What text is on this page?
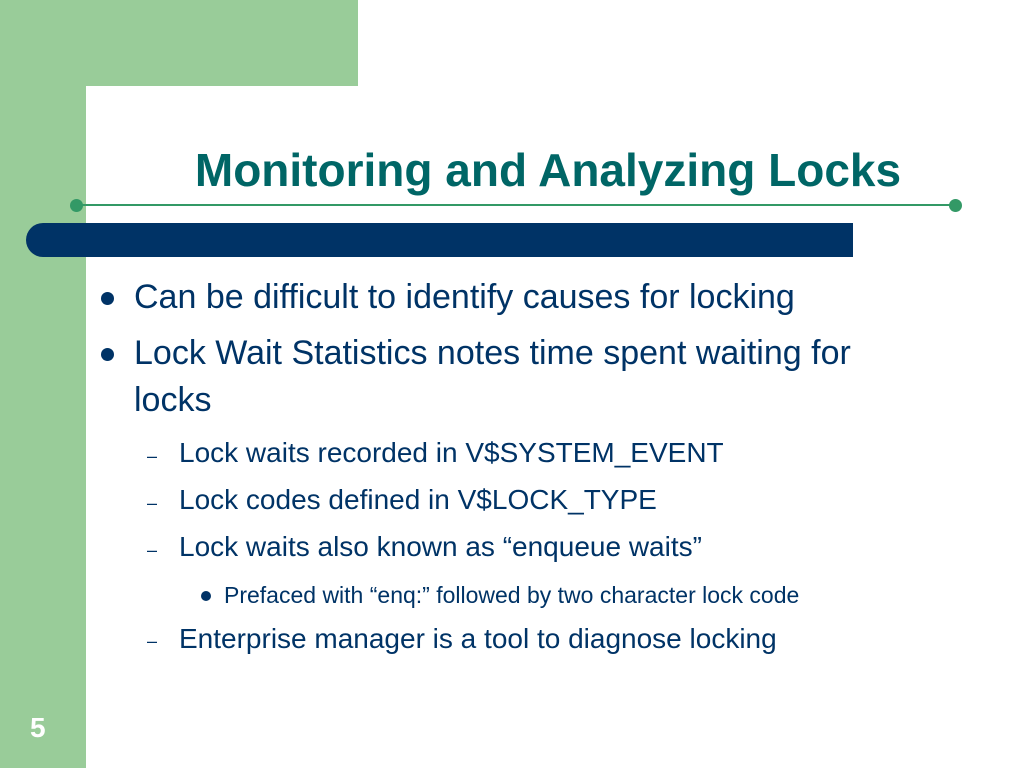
Monitoring and Analyzing Locks
Can be difficult to identify causes for locking
Lock Wait Statistics notes time spent waiting for
locks
– Lock waits recorded in V$SYSTEM_EVENT
– Lock codes defined in V$LOCK_TYPE
– Lock waits also known as “enqueue waits”
Prefaced with “enq:” followed by two character lock code
– Enterprise manager is a tool to diagnose locking
5
